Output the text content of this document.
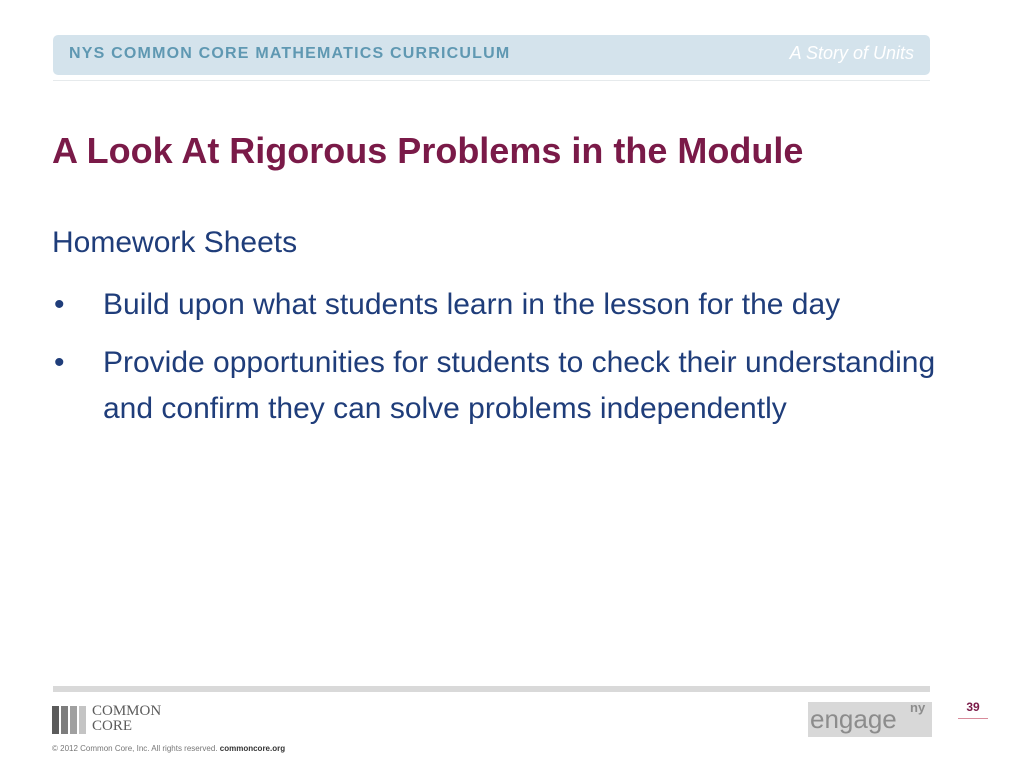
NYS COMMON CORE MATHEMATICS CURRICULUM	A Story of Units
A Look At Rigorous Problems in the Module
Homework Sheets
• Build upon what students learn in the lesson for the day
• Provide opportunities for students to check their understanding and confirm they can solve problems independently
COMMON
CORE
© 2012 Common Core, Inc. All rights reserved. commoncore.org
engage ny	39
